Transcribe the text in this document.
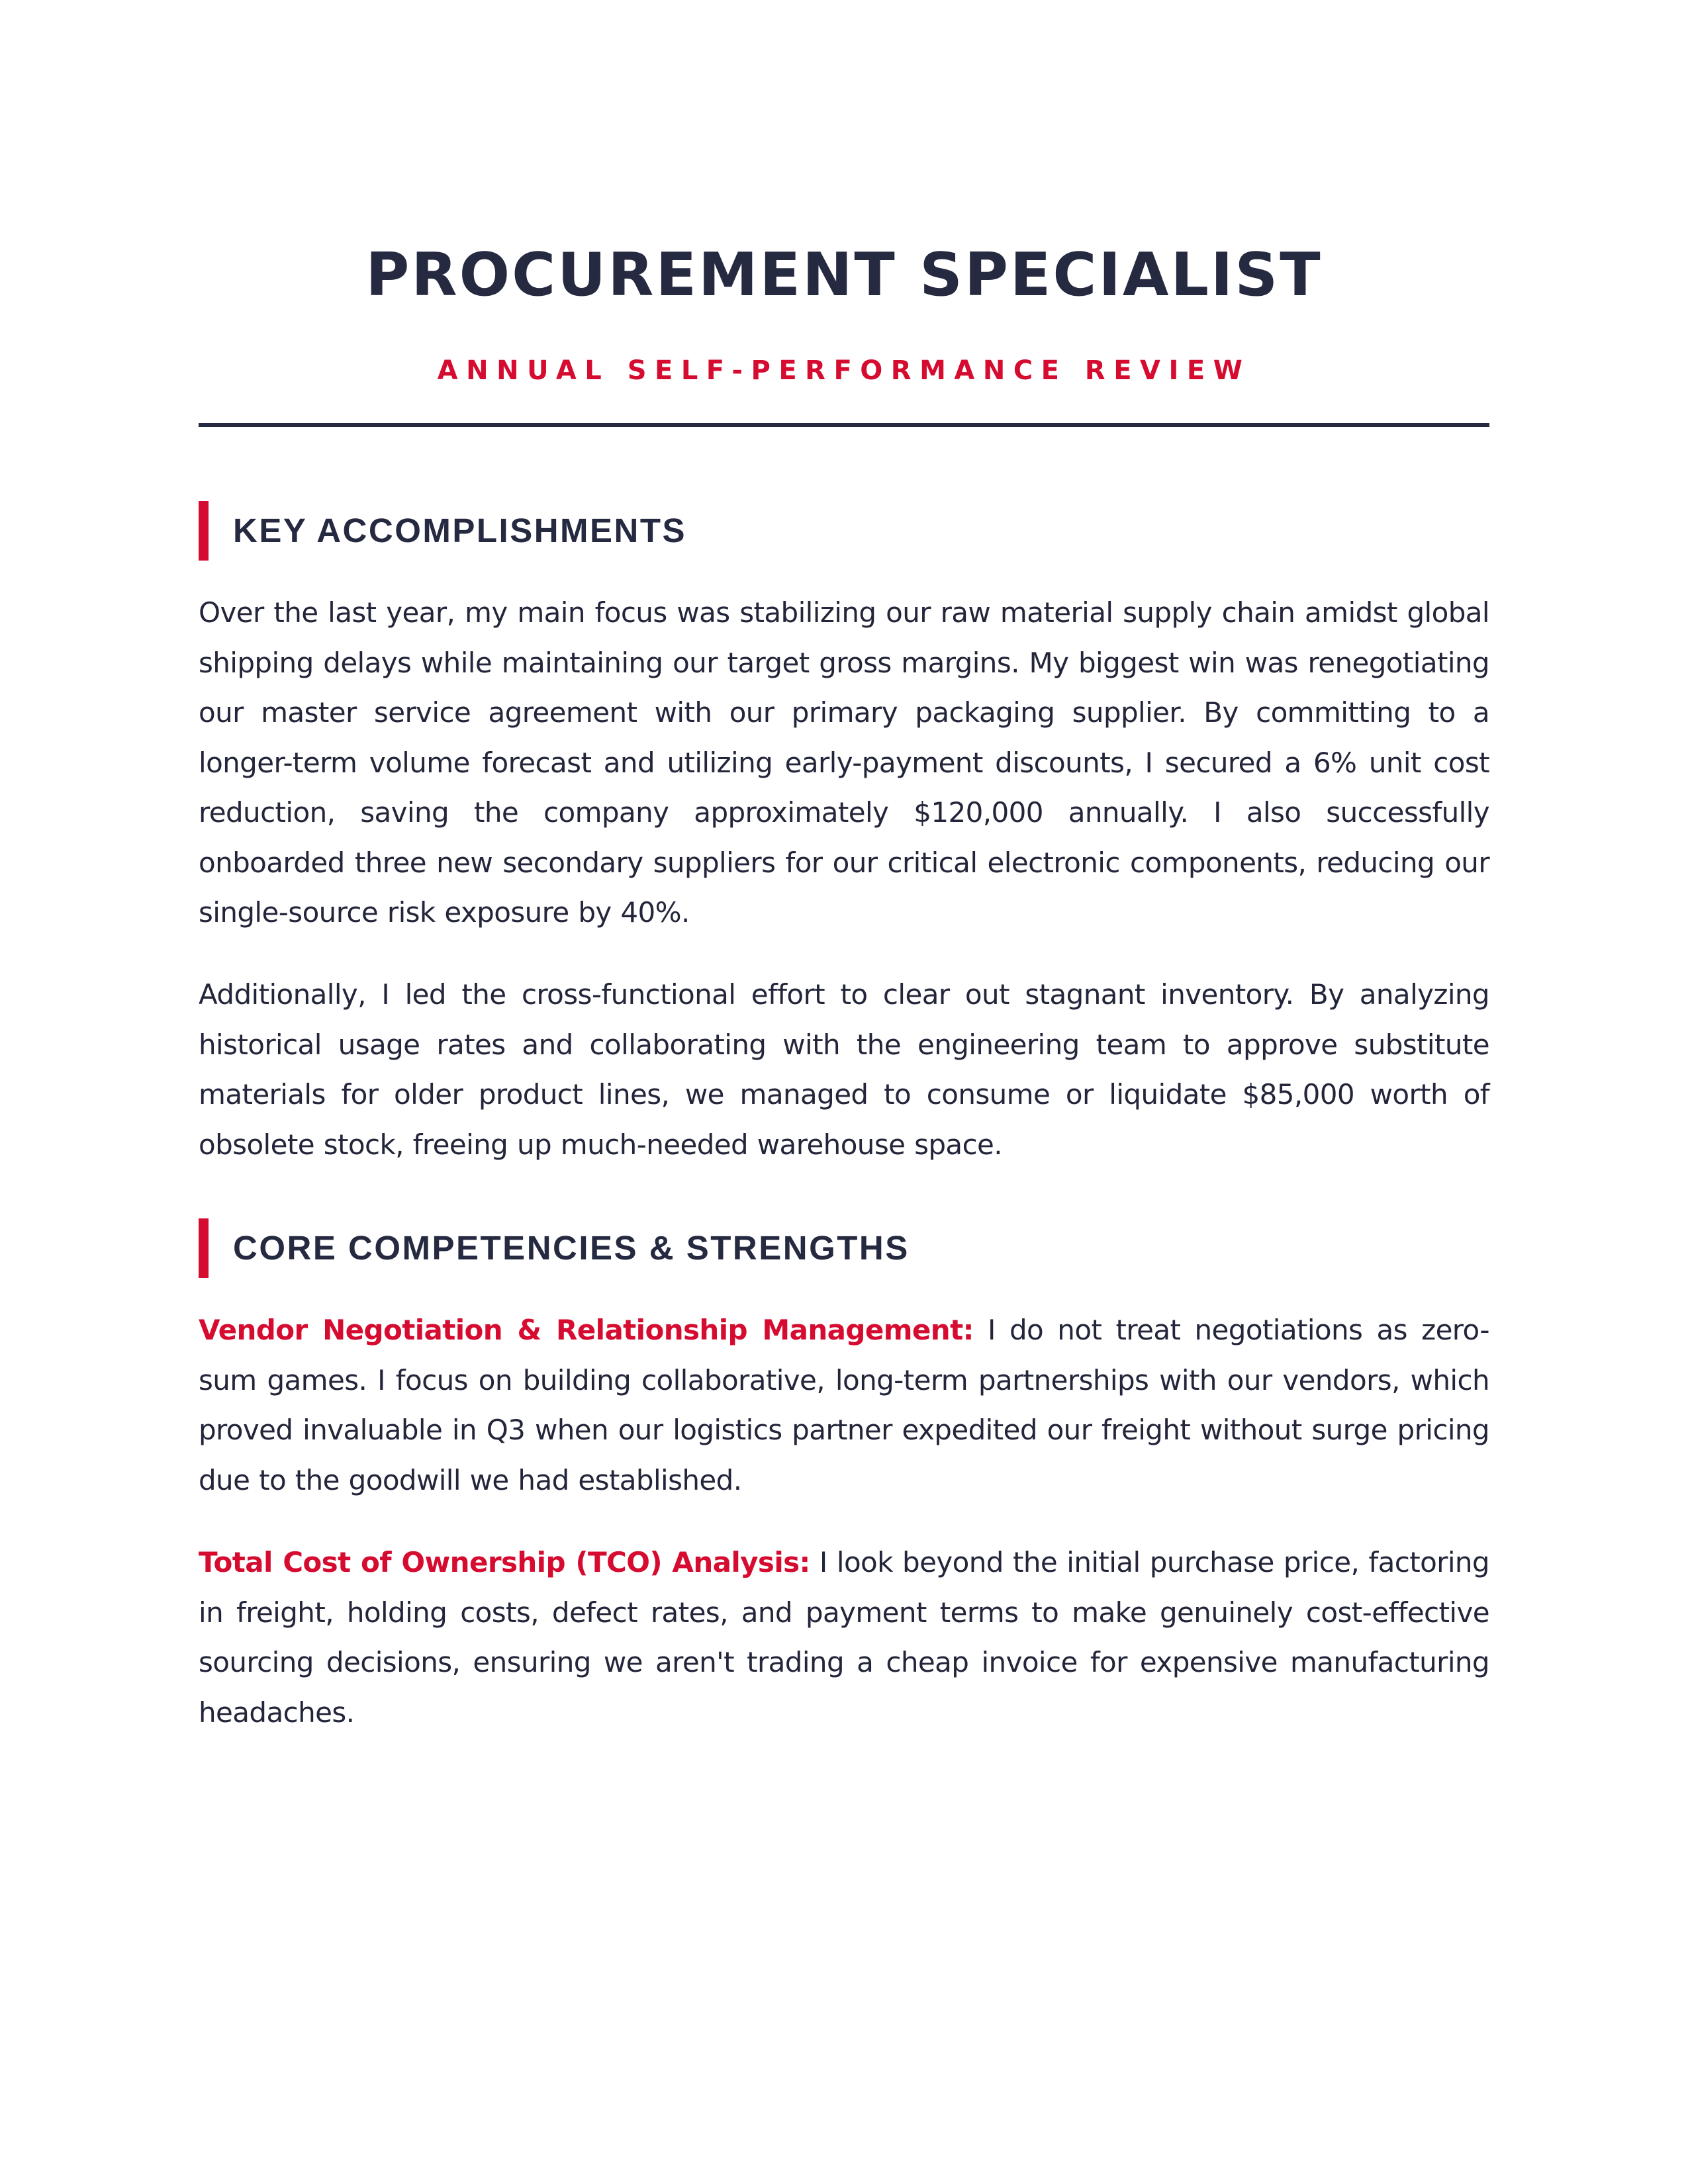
PROCUREMENT SPECIALIST
ANNUAL SELF-PERFORMANCE REVIEW
KEY ACCOMPLISHMENTS

Over the last year, my main focus was stabilizing our raw material supply chain amidst global shipping delays while maintaining our target gross margins. My biggest win was renegotiating our master service agreement with our primary packaging supplier. By committing to a longer-term volume forecast and utilizing early-payment discounts, I secured a 6% unit cost reduction, saving the company approximately $120,000 annually. I also successfully onboarded three new secondary suppliers for our critical electronic components, reducing our single-source risk exposure by 40%.

Additionally, I led the cross-functional effort to clear out stagnant inventory. By analyzing historical usage rates and collaborating with the engineering team to approve substitute materials for older product lines, we managed to consume or liquidate $85,000 worth of obsolete stock, freeing up much-needed warehouse space.

CORE COMPETENCIES & STRENGTHS

Vendor Negotiation & Relationship Management: I do not treat negotiations as zero-sum games. I focus on building collaborative, long-term partnerships with our vendors, which proved invaluable in Q3 when our logistics partner expedited our freight without surge pricing due to the goodwill we had established.

Total Cost of Ownership (TCO) Analysis: I look beyond the initial purchase price, factoring in freight, holding costs, defect rates, and payment terms to make genuinely cost-effective sourcing decisions, ensuring we aren't trading a cheap invoice for expensive manufacturing headaches.
